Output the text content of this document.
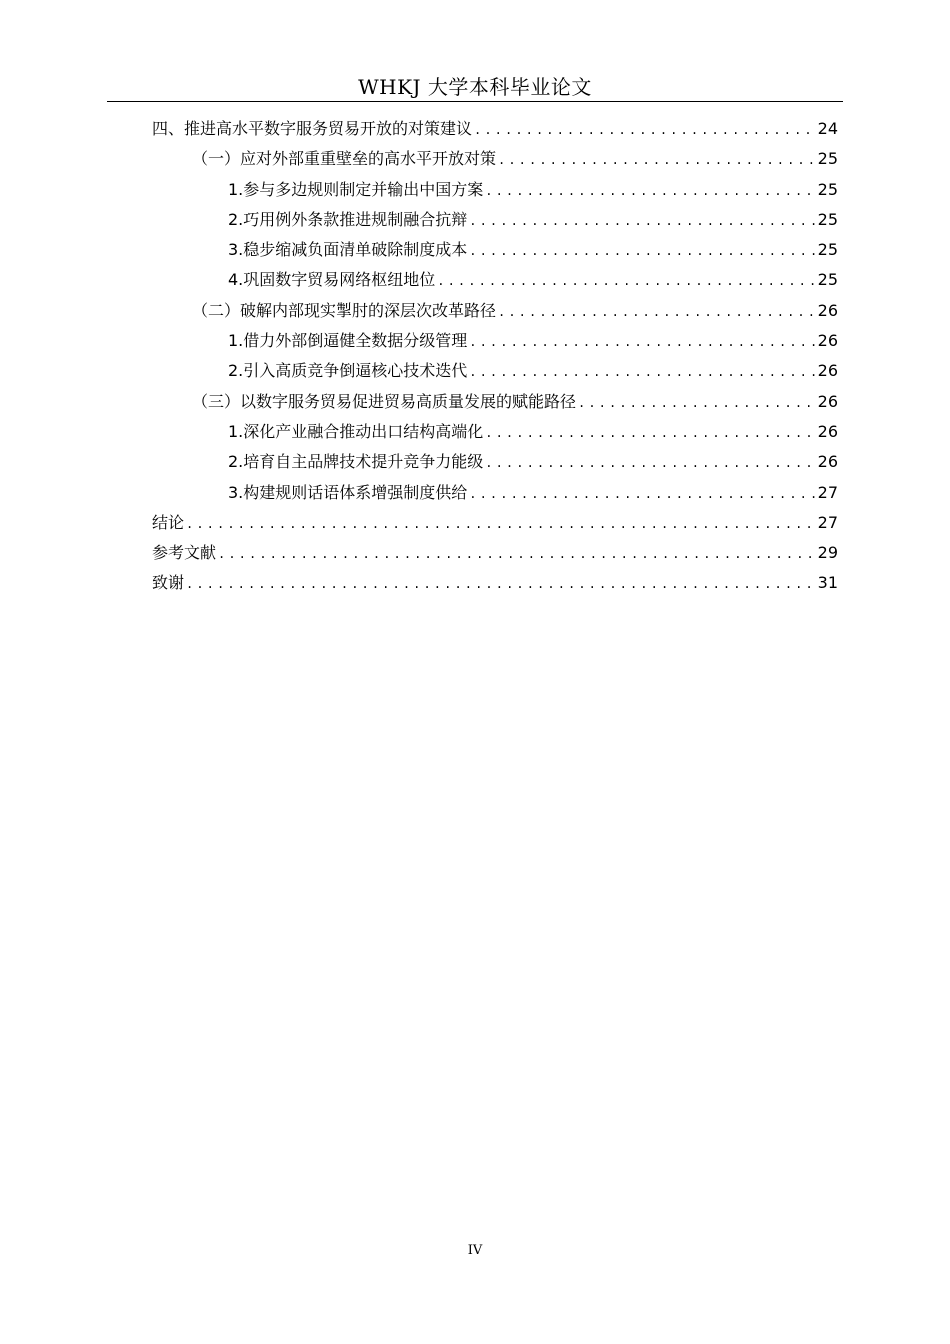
WHKJ 大学本科毕业论文
四、推进高水平数字服务贸易开放的对策建议 .....	24
（一）应对外部重重壁垒的高水平开放对策 .....	25
1.参与多边规则制定并输出中国方案 .....	25
2.巧用例外条款推进规制融合抗辩 .....	25
3.稳步缩减负面清单破除制度成本 .....	25
4.巩固数字贸易网络枢纽地位 .....	25
（二）破解内部现实掣肘的深层次改革路径 .....	26
1.借力外部倒逼健全数据分级管理 .....	26
2.引入高质竞争倒逼核心技术迭代 .....	26
（三）以数字服务贸易促进贸易高质量发展的赋能路径 .....	26
1.深化产业融合推动出口结构高端化 .....	26
2.培育自主品牌技术提升竞争力能级 .....	26
3.构建规则话语体系增强制度供给 .....	27
结论 .....	27
参考文献 .....	29
致谢 .....	31
IV
